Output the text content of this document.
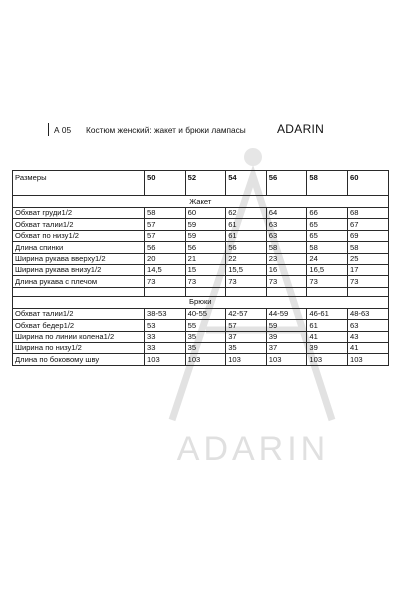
ADARIN
А 05 Костюм женский: жакет и брюки лампасы	ADARIN
Размеры	50	52	54	56	58	60
Жакет						
Обхват груди1/2	58	60	62	64	66	68
Обхват талии1/2	57	59	61	63	65	67
Обхват по низу1/2	57	59	61	63	65	69
Длина спинки	56	56	56	58	58	58
Ширина рукава вверху1/2	20	21	22	23	24	25
Ширина рукава внизу1/2	14,5	15	15,5	16	16,5	17
Длина рукава с плечом	73	73	73	73	73	73

Брюки						
Обхват талии1/2	38-53	40-55	42-57	44-59	46-61	48-63
Обхват бедер1/2	53	55	57	59	61	63
Ширина по линии колена1/2	33	35	37	39	41	43
Ширина по низу1/2	33	35	35	37	39	41
Длина по боковому шву	103	103	103	103	103	103
